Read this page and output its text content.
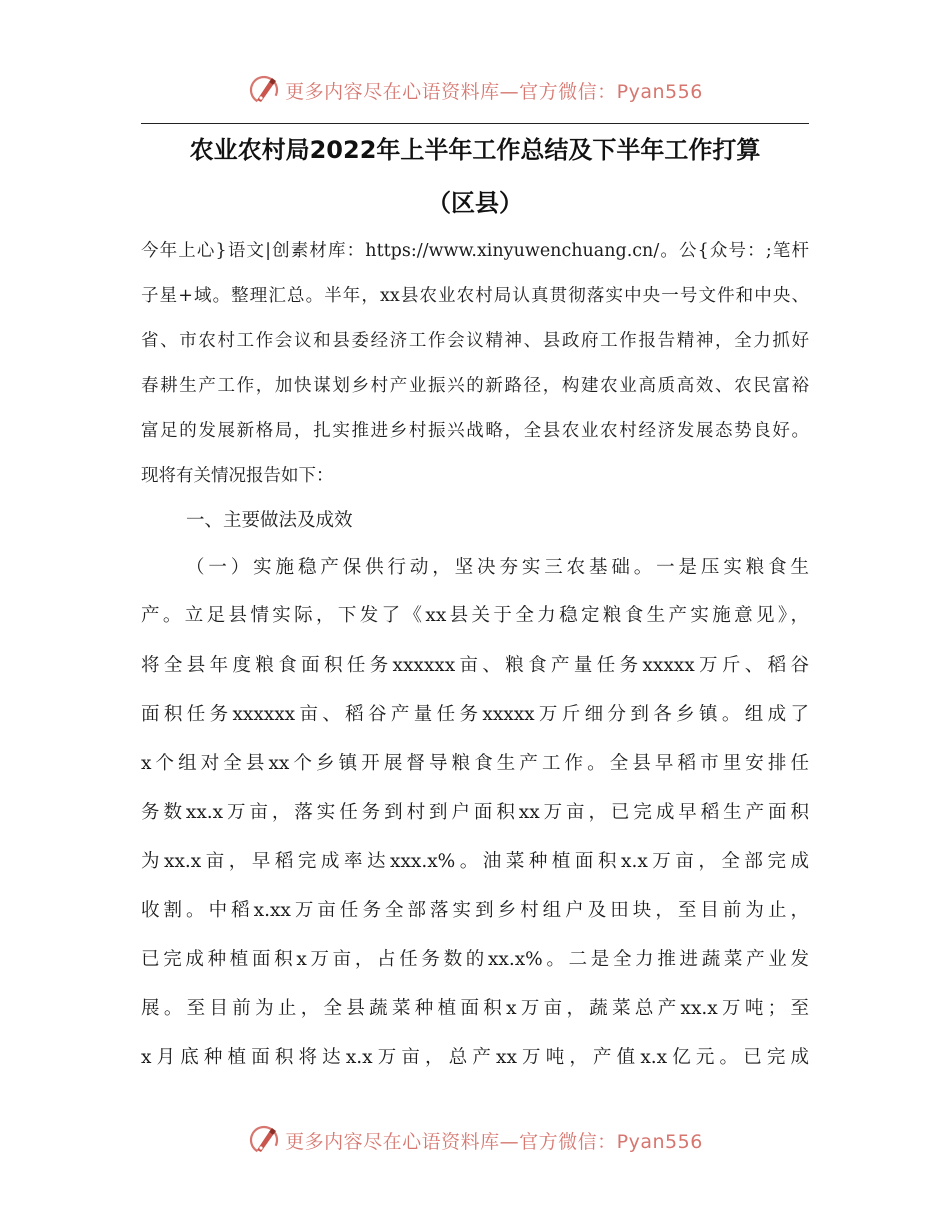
更多内容尽在心语资料库—官方微信：Pyan556
农业农村局2022年上半年工作总结及下半年工作打算
（区县）
今年上心}语文|创素材库：https://www.xinyuwenchuang.cn/。公{众号：;笔杆
子星+域。整理汇总。半年，xx县农业农村局认真贯彻落实中央一号文件和中央、
省、市农村工作会议和县委经济工作会议精神、县政府工作报告精神，全力抓好
春耕生产工作，加快谋划乡村产业振兴的新路径，构建农业高质高效、农民富裕
富足的发展新格局，扎实推进乡村振兴战略，全县农业农村经济发展态势良好。
现将有关情况报告如下：
一、主要做法及成效
（一）实施稳产保供行动，坚决夯实三农基础。一是压实粮食生
产。立足县情实际，下发了《xx县关于全力稳定粮食生产实施意见》，
将全县年度粮食面积任务xxxxxx亩、粮食产量任务xxxxx万斤、稻谷
面积任务xxxxxx亩、稻谷产量任务xxxxx万斤细分到各乡镇。组成了
x个组对全县xx个乡镇开展督导粮食生产工作。全县早稻市里安排任
务数xx.x万亩，落实任务到村到户面积xx万亩，已完成早稻生产面积
为xx.x亩，早稻完成率达xxx.x%。油菜种植面积x.x万亩，全部完成
收割。中稻x.xx万亩任务全部落实到乡村组户及田块，至目前为止，
已完成种植面积x万亩，占任务数的xx.x%。二是全力推进蔬菜产业发
展。至目前为止，全县蔬菜种植面积x万亩，蔬菜总产xx.x万吨；至
x月底种植面积将达x.x万亩，总产xx万吨，产值x.x亿元。已完成
更多内容尽在心语资料库—官方微信：Pyan556
